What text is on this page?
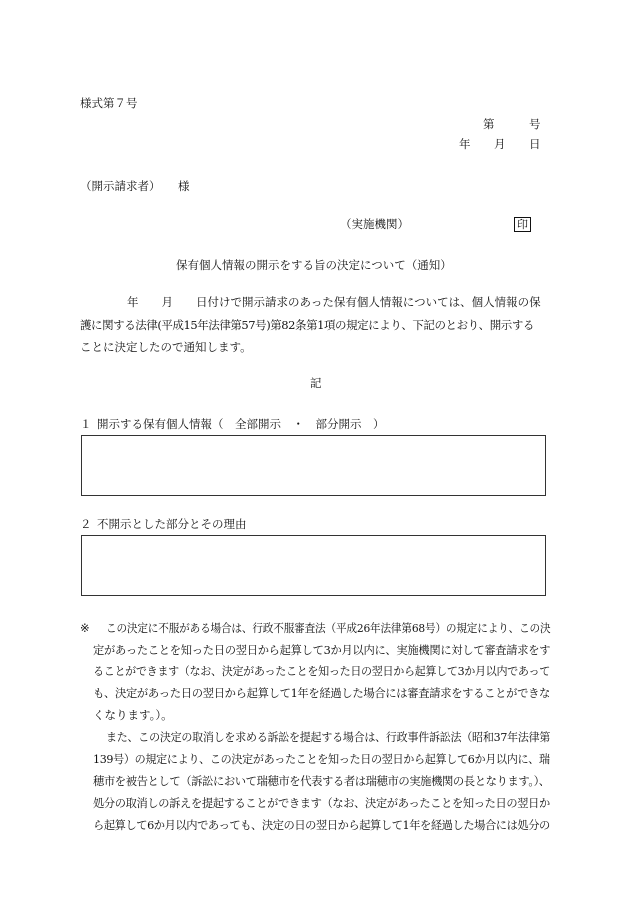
様式第７号
第	号
年 月 日
（開示請求者） 様
（実施機関）	印
保有個人情報の開示をする旨の決定について（通知）
年　　月　　日付けで開示請求のあった保有個人情報については、個人情報の保
護に関する法律(平成15年法律第57号)第82条第1項の規定により、下記のとおり、開示する
ことに決定したので通知します。
記
１ 開示する保有個人情報（　全部開示　・　部分開示　）
２ 不開示とした部分とその理由
※ この決定に不服がある場合は、行政不服審査法（平成26年法律第68号）の規定により、この決
定があったことを知った日の翌日から起算して3か月以内に、実施機関に対して審査請求をす
ることができます（なお、決定があったことを知った日の翌日から起算して3か月以内であって
も、決定があった日の翌日から起算して1年を経過した場合には審査請求をすることができな
くなります。）。
また、この決定の取消しを求める訴訟を提起する場合は、行政事件訴訟法（昭和37年法律第
139号）の規定により、この決定があったことを知った日の翌日から起算して6か月以内に、瑞
穂市を被告として（訴訟において瑞穂市を代表する者は瑞穂市の実施機関の長となります。）、
処分の取消しの訴えを提起することができます（なお、決定があったことを知った日の翌日か
ら起算して6か月以内であっても、決定の日の翌日から起算して1年を経過した場合には処分の
